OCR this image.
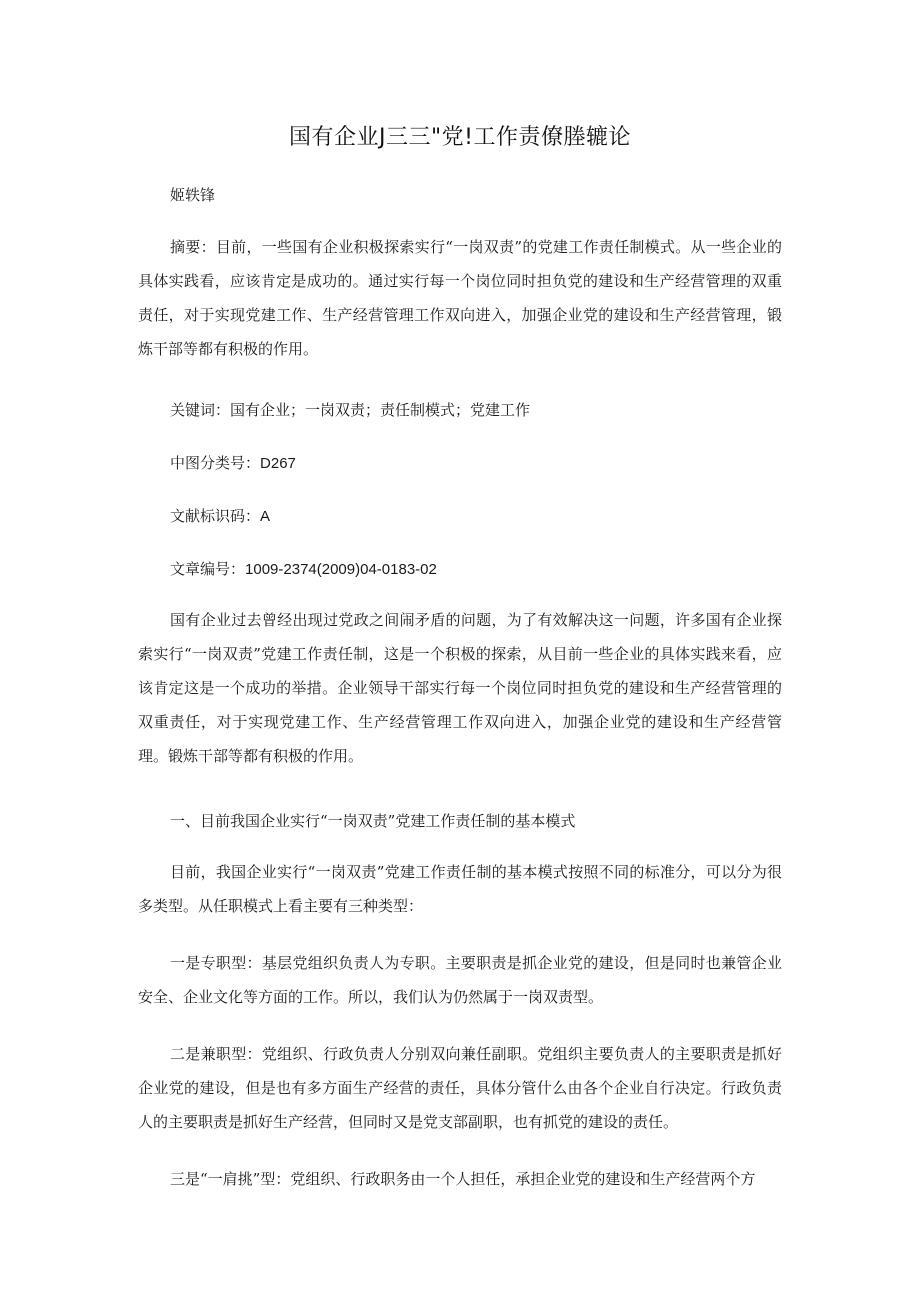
国有企业J三三"党!工作责僚塍辘论
姬轶锋

摘要：目前，一些国有企业积极探索实行“一岗双责”的党建工作责任制模式。从一些企业的具体实践看，应该肯定是成功的。通过实行每一个岗位同时担负党的建设和生产经营管理的双重责任，对于实现党建工作、生产经营管理工作双向进入，加强企业党的建设和生产经营管理，锻炼干部等都有积极的作用。

关键词：国有企业；一岗双责；责任制模式；党建工作
中图分类号：D267
文献标识码：A
文章编号：1009-2374(2009)04-0183-02

国有企业过去曾经出现过党政之间闹矛盾的问题，为了有效解决这一问题，许多国有企业探索实行“一岗双责”党建工作责任制，这是一个积极的探索，从目前一些企业的具体实践来看，应该肯定这是一个成功的举措。企业领导干部实行每一个岗位同时担负党的建设和生产经营管理的双重责任，对于实现党建工作、生产经营管理工作双向进入，加强企业党的建设和生产经营管理。锻炼干部等都有积极的作用。

一、目前我国企业实行“一岗双责”党建工作责任制的基本模式

目前，我国企业实行“一岗双责”党建工作责任制的基本模式按照不同的标准分，可以分为很多类型。从任职模式上看主要有三种类型：

一是专职型：基层党组织负责人为专职。主要职责是抓企业党的建设，但是同时也兼管企业安全、企业文化等方面的工作。所以，我们认为仍然属于一岗双责型。

二是兼职型：党组织、行政负责人分别双向兼任副职。党组织主要负责人的主要职责是抓好企业党的建设，但是也有多方面生产经营的责任，具体分管什么由各个企业自行决定。行政负责人的主要职责是抓好生产经营，但同时又是党支部副职，也有抓党的建设的责任。

三是“一肩挑”型：党组织、行政职务由一个人担任，承担企业党的建设和生产经营两个方
